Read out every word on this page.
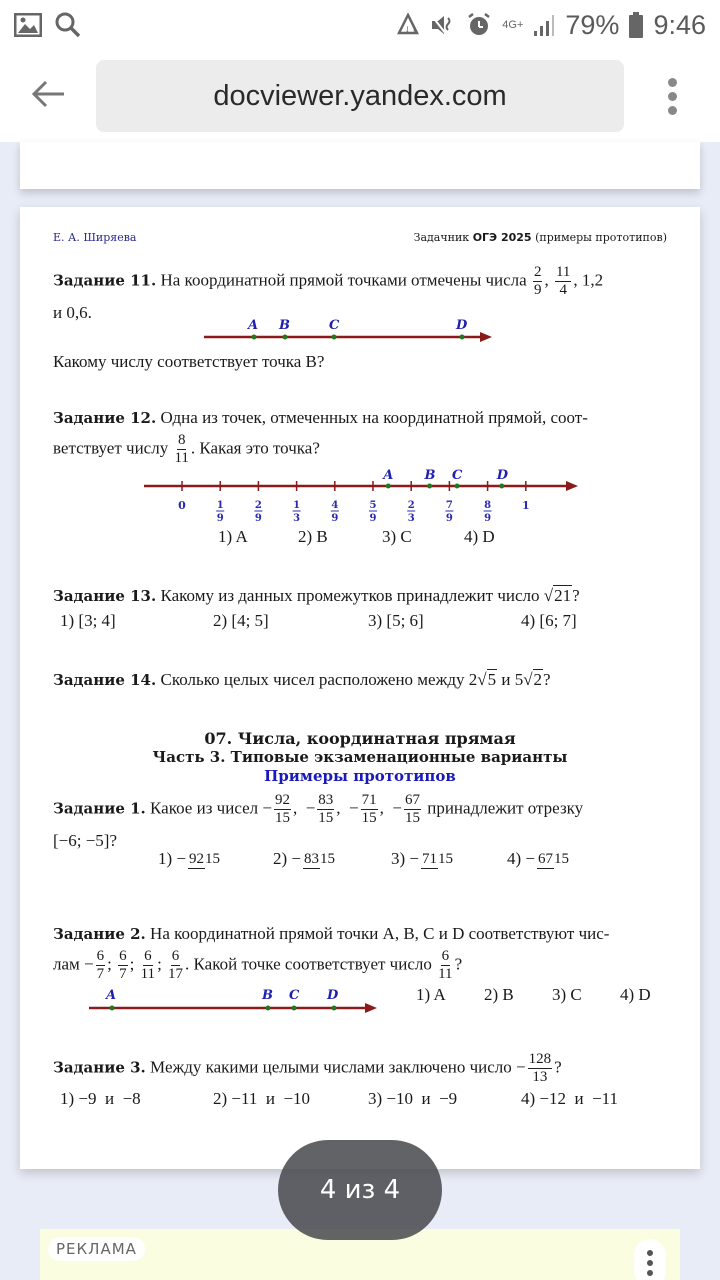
↓↑	4G+ 79% 9:46
docviewer.yandex.com
Е. А. Ширяева	Задачник ОГЭ 2025 (примеры прототипов)
Задание 11. На координатной прямой точками отмечены числа $\frac{2}{9}$ , $\frac{11}{4}$ , 1,2
и 0,6.
A B	C	D
Какому числу соответствует точка B?
Задание 12. Одна из точек, отмеченных на координатной прямой, соот-
ветствует числу $\frac{8}{11}$ . Какая это точка?
0	1
9
2
9
1
3
4
9
5
9
2
3
7
9
8
9
1
A B C	D
1) A	2) B	3) C	4) D
Задание 13. Какому из данных промежутков принадлежит число √21?
1) [3; 4]	2) [4; 5]	3) [5; 6]	4) [6; 7]
Задание 14. Сколько целых чисел расположено между 2√5 и 5√2?
07. Числа, координатная прямая
Часть 3. Типовые экзаменационные варианты
Примеры прототипов
Задание 1. Какое из чисел − $\frac{92}{15}$ ,  − $\frac{83}{15}$ ,  − $\frac{71}{15}$ ,  − $\frac{67}{15}$ принадлежит отрезку
[−6; −5]?
1) − 9215	2) − 8315	3) − 7115	4) − 6715
Задание 2. На координатной прямой точки A, B, C и D соответствуют чис-
лам − $\frac{6}{7}$ ; $\frac{6}{7}$ ; $\frac{6}{11}$ ; $\frac{6}{17}$ . Какой точке соответствует число $\frac{6}{11}$ ?
A	B C D	1) A	2) B	3) C	4) D
Задание 3. Между какими целыми числами заключено число − $\frac{128}{13}$ ?
1) −9  и  −8	2) −11  и  −10	3) −10  и  −9	4) −12  и  −11
РЕКЛАМА
4 из 4
